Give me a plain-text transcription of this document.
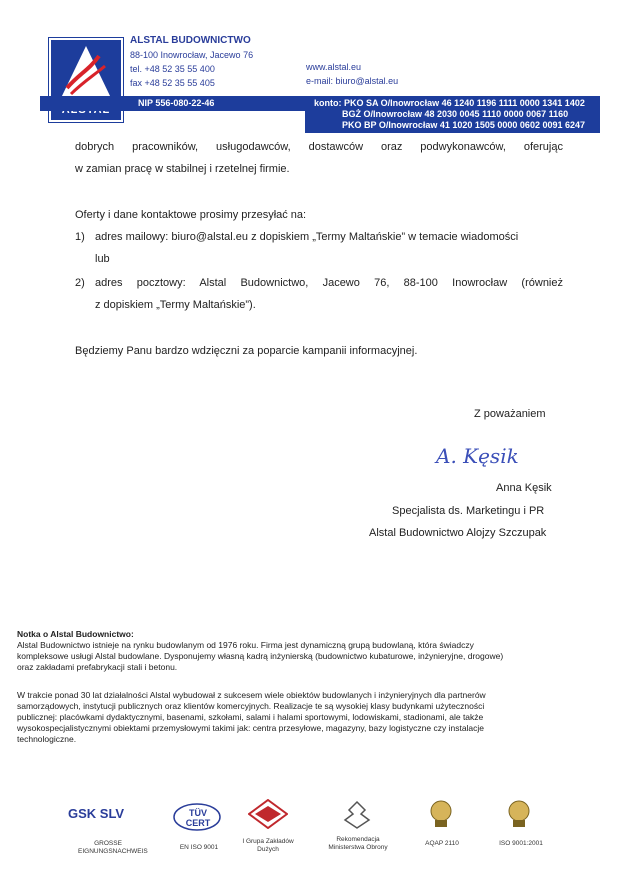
ALSTAL BUDOWNICTWO
88-100 Inowrocław, Jacewo 76
tel. +48 52 35 55 400
fax +48 52 35 55 405
www.alstal.eu
e-mail: biuro@alstal.eu
NIP 556-080-22-46	konto: PKO SA O/Inowrocław 46 1240 1196 1111 0000 1341 1402
BGŻ O/Inowrocław 48 2030 0045 1110 0000 0067 1160
PKO BP O/Inowrocław 41 1020 1505 0000 0602 0091 6247
dobrych pracowników, usługodawców, dostawców oraz podwykonawców, oferując
w zamian pracę w stabilnej i rzetelnej firmie.
Oferty i dane kontaktowe prosimy przesyłać na:
1) adres mailowy: biuro@alstal.eu z dopiskiem „Termy Maltańskie” w temacie wiadomości
lub
2) adres pocztowy: Alstal Budownictwo, Jacewo 76, 88-100 Inowrocław (również
z dopiskiem „Termy Maltańskie”).
Będziemy Panu bardzo wdzięczni za poparcie kampanii informacyjnej.
Z poważaniem
A. Kęsik
Anna Kęsik
Specjalista ds. Marketingu i PR
Alstal Budownictwo Alojzy Szczupak
Notka o Alstal Budownictwo:
Alstal Budownictwo istnieje na rynku budowlanym od 1976 roku. Firma jest dynamiczną grupą budowlaną, która świadczy
kompleksowe usługi Alstal budowlane. Dysponujemy własną kadrą inżynierską (budownictwo kubaturowe, inżynieryjne, drogowe)
oraz zakładami prefabrykacji stali i betonu.
W trakcie ponad 30 lat działalności Alstal wybudował z sukcesem wiele obiektów budowlanych i inżynieryjnych dla partnerów
samorządowych, instytucji publicznych oraz klientów komercyjnych. Realizacje te są wysokiej klasy budynkami użyteczności
publicznej: placówkami dydaktycznymi, basenami, szkołami, salami i halami sportowymi, lodowiskami, stadionami, ale także
wysokospecjalistycznymi obiektami przemysłowymi takimi jak: centra przesyłowe, magazyny, bazy logistyczne czy instalacje
technologiczne.
GSK SLV
GROSSE
EIGNUNGSNACHWEIS
TÜV CERT
EN ISO 9001
I Grupa Zakładów
Dużych
Rekomendacja
Ministerstwa Obrony
AQAP 2110	ISO 9001:2001
